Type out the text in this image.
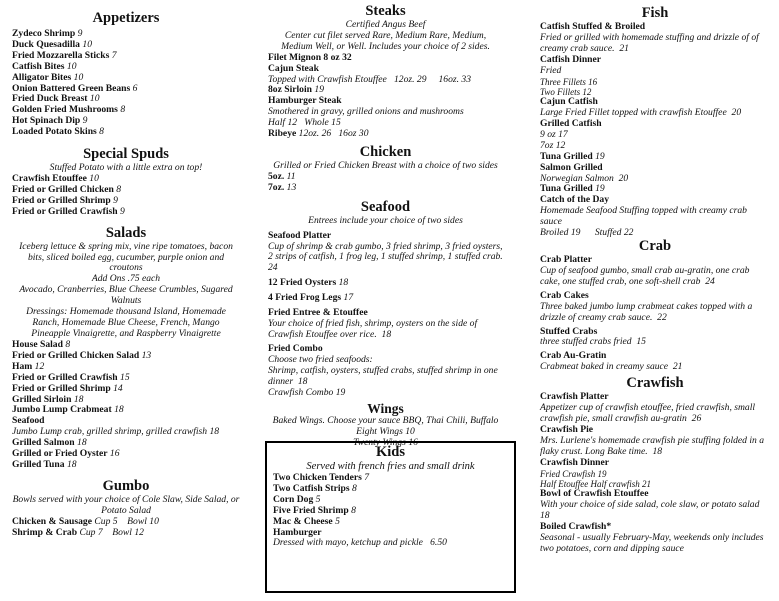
Appetizers
Zydeco Shrimp 9
Duck Quesadilla 10
Fried Mozzarella Sticks 7
Catfish Bites 10
Alligator Bites 10
Onion Battered Green Beans 6
Fried Duck Breast 10
Golden Fried Mushrooms 8
Hot Spinach Dip 9
Loaded Potato Skins 8
Special Spuds
Stuffed Potato with a little extra on top!
Crawfish Etouffee 10
Fried or Grilled Chicken 8
Fried or Grilled Shrimp 9
Fried or Grilled Crawfish 9
Salads
Iceberg lettuce & spring mix, vine ripe tomatoes, bacon bits, sliced boiled egg, cucumber, purple onion and croutons
Add Ons .75 each
Avocado, Cranberries, Blue Cheese Crumbles, Sugared Walnuts
Dressings: Homemade thousand Island, Homemade Ranch, Homemade Blue Cheese, French, Mango Pineapple Vinaigrette, and Raspberry Vinaigrette
House Salad 8
Fried or Grilled Chicken Salad 13
Ham 12
Fried or Grilled Crawfish 15
Fried or Grilled Shrimp 14
Grilled Sirloin 18
Jumbo Lump Crabmeat 18
Seafood
Jumbo Lump crab, grilled shrimp, grilled crawfish 18
Grilled Salmon 18
Grilled or Fried Oyster 16
Grilled Tuna 18
Gumbo
Bowls served with your choice of Cole Slaw, Side Salad, or Potato Salad
Chicken & Sausage Cup 5 Bowl 10
Shrimp & Crab Cup 7 Bowl 12
Steaks
Certified Angus Beef
Center cut filet served Rare, Medium Rare, Medium, Medium Well, or Well. Includes your choice of 2 sides.
Filet Mignon 8 oz 32
Cajun Steak
Topped with Crawfish Etouffee 12oz. 29 16oz. 33
8oz Sirloin 19
Hamburger Steak
Smothered in gravy, grilled onions and mushrooms
Half 12 Whole 15
Ribeye 12oz. 26 16oz 30
Chicken
Grilled or Fried Chicken Breast with a choice of two sides
5oz. 11
7oz. 13
Seafood
Entrees include your choice of two sides
Seafood Platter
Cup of shrimp & crab gumbo, 3 fried shrimp, 3 fried oysters, 2 strips of catfish, 1 frog leg, 1 stuffed shrimp, 1 stuffed crab. 24
12 Fried Oysters 18
4 Fried Frog Legs 17
Fried Entree & Etouffee
Your choice of fried fish, shrimp, oysters on the side of Crawfish Etouffee over rice. 18
Fried Combo
Choose two fried seafoods:
Shrimp, catfish, oysters, stuffed crabs, stuffed shrimp in one dinner 18
Crawfish Combo 19
Wings
Baked Wings. Choose your sauce BBQ, Thai Chili, Buffalo
Eight Wings 10
Twenty Wings 16
Kids
Served with french fries and small drink
Two Chicken Tenders 7
Two Catfish Strips 8
Corn Dog 5
Five Fried Shrimp 8
Mac & Cheese 5
Hamburger
Dressed with mayo, ketchup and pickle 6.50
Fish
Catfish Stuffed & Broiled
Fried or grilled with homemade stuffing and drizzle of of creamy crab sauce. 21
Catfish Dinner
Fried
Three Fillets 16
Two Fillets 12
Cajun Catfish
Large Fried Fillet topped with crawfish Etouffee 20
Grilled Catfish
9 oz 17
7oz 12
Tuna Grilled 19
Salmon Grilled
Norwegian Salmon 20
Tuna Grilled 19
Catch of the Day
Homemade Seafood Stuffing topped with creamy crab sauce
Broiled 19 Stuffed 22
Crab
Crab Platter
Cup of seafood gumbo, small crab au-gratin, one crab cake, one stuffed crab, one soft-shell crab 24
Crab Cakes
Three baked jumbo lump crabmeat cakes topped with a drizzle of creamy crab sauce. 22
Stuffed Crabs
three stuffed crabs fried 15
Crab Au-Gratin
Crabmeat baked in creamy sauce 21
Crawfish
Crawfish Platter
Appetizer cup of crawfish etouffee, fried crawfish, small crawfish pie, small crawfish au-gratin 26
Crawfish Pie
Mrs. Lurlene's homemade crawfish pie stuffing folded in a flaky crust. Long Bake time. 18
Crawfish Dinner
Fried Crawfish 19
Half Etouffee Half crawfish 21
Bowl of Crawfish Etouffee
With your choice of side salad, cole slaw, or potato salad
18
Boiled Crawfish*
Seasonal - usually February-May, weekends only includes two potatoes, corn and dipping sauce
